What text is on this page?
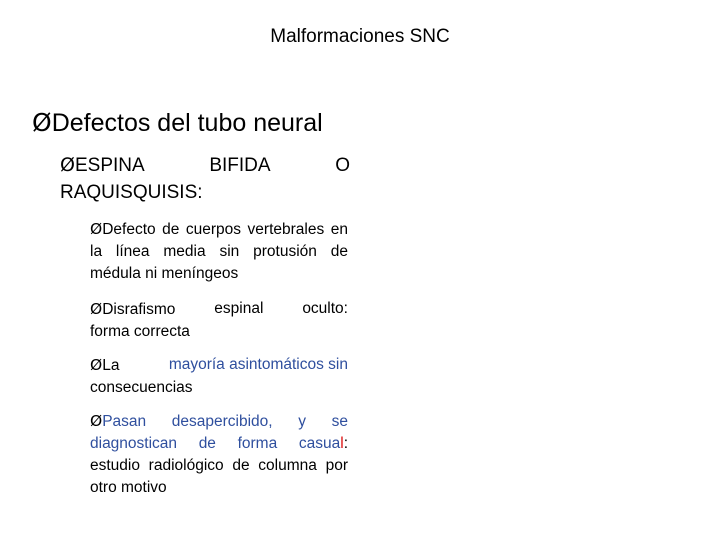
Malformaciones SNC
ØDefectos del tubo neural
ØESPINA	BIFIDA	O
RAQUISQUISIS:
ØDefecto de cuerpos vertebrales en la línea media sin protusión de médula ni meníngeos
ØDisrafismo	espinal	oculto:
forma correcta
ØLa	mayoría asintomáticos sin
consecuencias
ØPasan desapercibido, y se diagnostican de forma casual: estudio radiológico de columna por otro motivo
